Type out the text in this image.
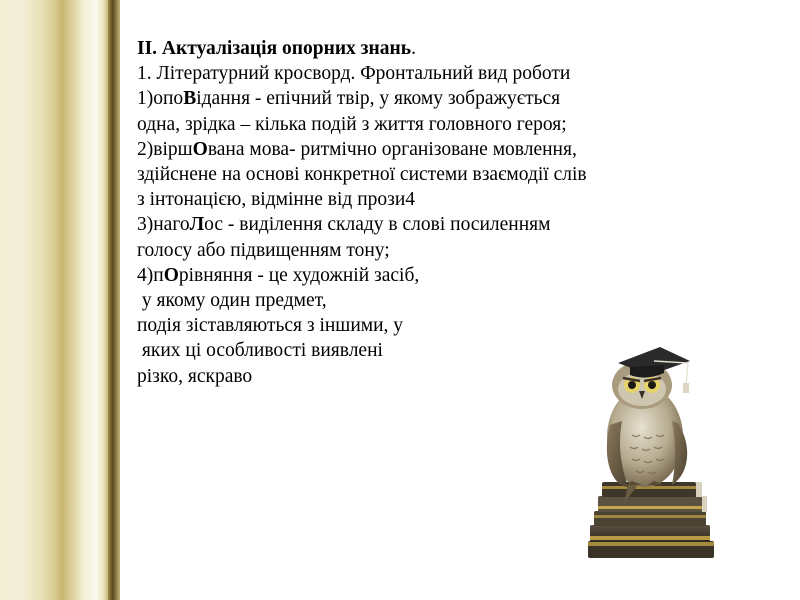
ІІ. Актуалізація опорних знань.
1. Літературний кросворд. Фронтальний вид роботи
1)опоВідання - епічний твір, у якому зображується
одна, зрідка – кілька подій з життя головного героя;
2)віршОвана мова- ритмічно організоване мовлення,
здійснене на основі конкретної системи взаємодії слів
з інтонацією, відмінне від прози4
3)нагоЛос - виділення складу в слові посиленням
голосу або підвищенням тону;
4)пОрівняння - це художній засіб,
у якому один предмет,
подія зіставляються з іншими, у
яких ці особливості виявлені
різко, яскраво
